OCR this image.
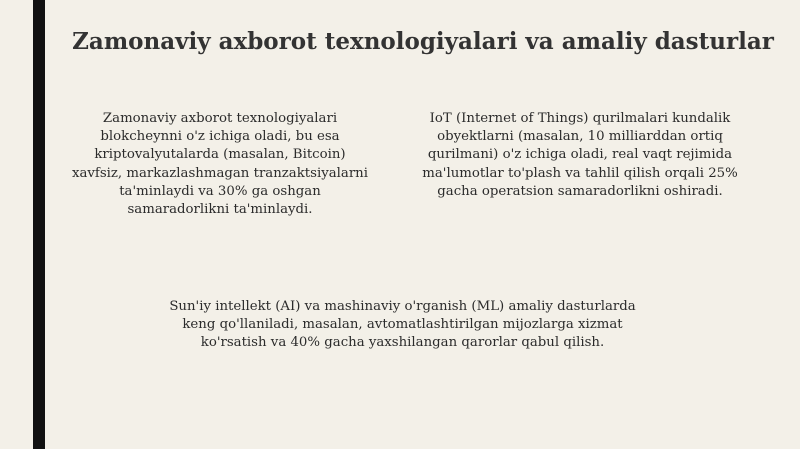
Zamonaviy axborot texnologiyalari va amaliy dasturlar
Zamonaviy axborot texnologiyalari
blokcheynni o'z ichiga oladi, bu esa
kriptovalyutalarda (masalan, Bitcoin)
xavfsiz, markazlashmagan tranzaktsiyalarni
ta'minlaydi va 30% ga oshgan
samaradorlikni ta'minlaydi.
IoT (Internet of Things) qurilmalari kundalik
obyektlarni (masalan, 10 milliarddan ortiq
qurilmani) o'z ichiga oladi, real vaqt rejimida
ma'lumotlar to'plash va tahlil qilish orqali 25%
gacha operatsion samaradorlikni oshiradi.
Sun'iy intellekt (AI) va mashinaviy o'rganish (ML) amaliy dasturlarda
keng qo'llaniladi, masalan, avtomatlashtirilgan mijozlarga xizmat
ko'rsatish va 40% gacha yaxshilangan qarorlar qabul qilish.
